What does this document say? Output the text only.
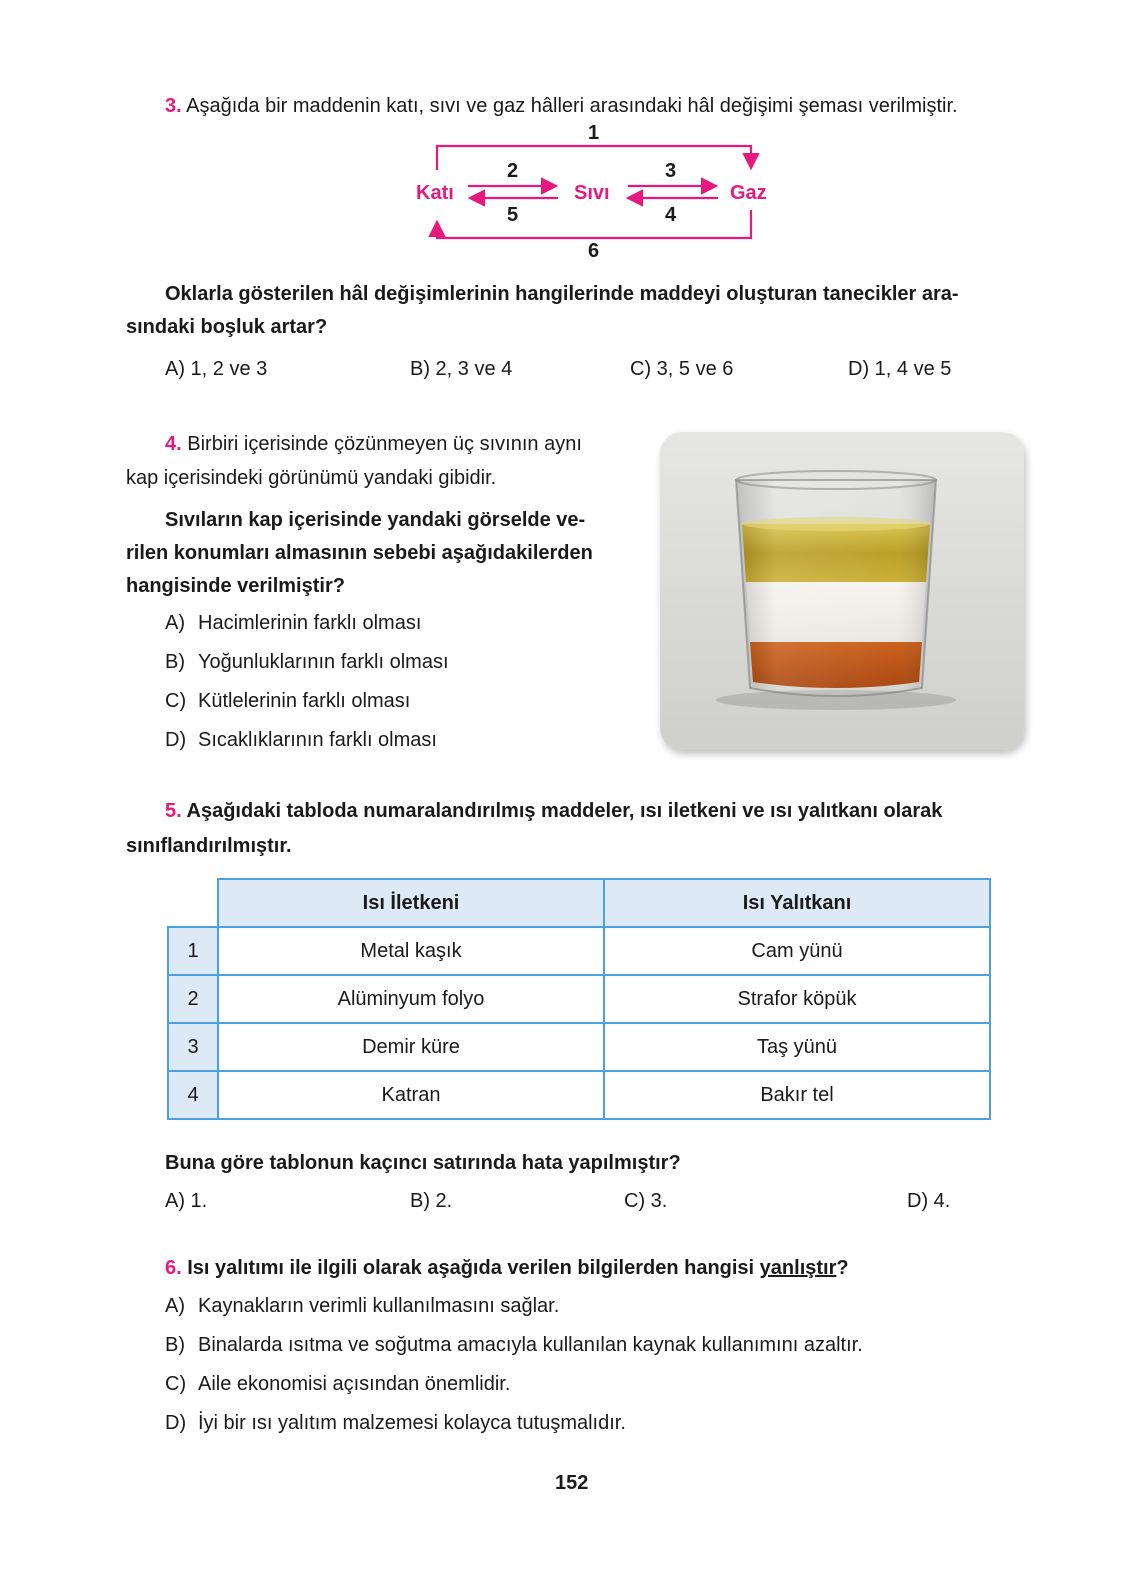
3. Aşağıda bir maddenin katı, sıvı ve gaz hâlleri arasındaki hâl değişimi şeması verilmiştir.
Katı	Sıvı	Gaz
1
2	3
4
5
6
Oklarla gösterilen hâl değişimlerinin hangilerinde maddeyi oluşturan tanecikler ara-
sındaki boşluk artar?
A) 1, 2 ve 3	B) 2, 3 ve 4	C) 3, 5 ve 6	D) 1, 4 ve 5
4. Birbiri içerisinde çözünmeyen üç sıvının aynı
kap içerisindeki görünümü yandaki gibidir.
Sıvıların kap içerisinde yandaki görselde ve-
rilen konumları almasının sebebi aşağıdakilerden
hangisinde verilmiştir?
A) Hacimlerinin farklı olması
B) Yoğunluklarının farklı olması
C) Kütlelerinin farklı olması
D) Sıcaklıklarının farklı olması
5. Aşağıdaki tabloda numaralandırılmış maddeler, ısı iletkeni ve ısı yalıtkanı olarak
sınıflandırılmıştır.
	Isı İletkeni	Isı Yalıtkanı
1	Metal kaşık	Cam yünü
2	Alüminyum folyo	Strafor köpük
3	Demir küre	Taş yünü
4	Katran	Bakır tel
Buna göre tablonun kaçıncı satırında hata yapılmıştır?
A) 1.	B) 2.	C) 3.	D) 4.
6. Isı yalıtımı ile ilgili olarak aşağıda verilen bilgilerden hangisi yanlıştır?
A) Kaynakların verimli kullanılmasını sağlar.
B) Binalarda ısıtma ve soğutma amacıyla kullanılan kaynak kullanımını azaltır.
C) Aile ekonomisi açısından önemlidir.
D) İyi bir ısı yalıtım malzemesi kolayca tutuşmalıdır.
152
